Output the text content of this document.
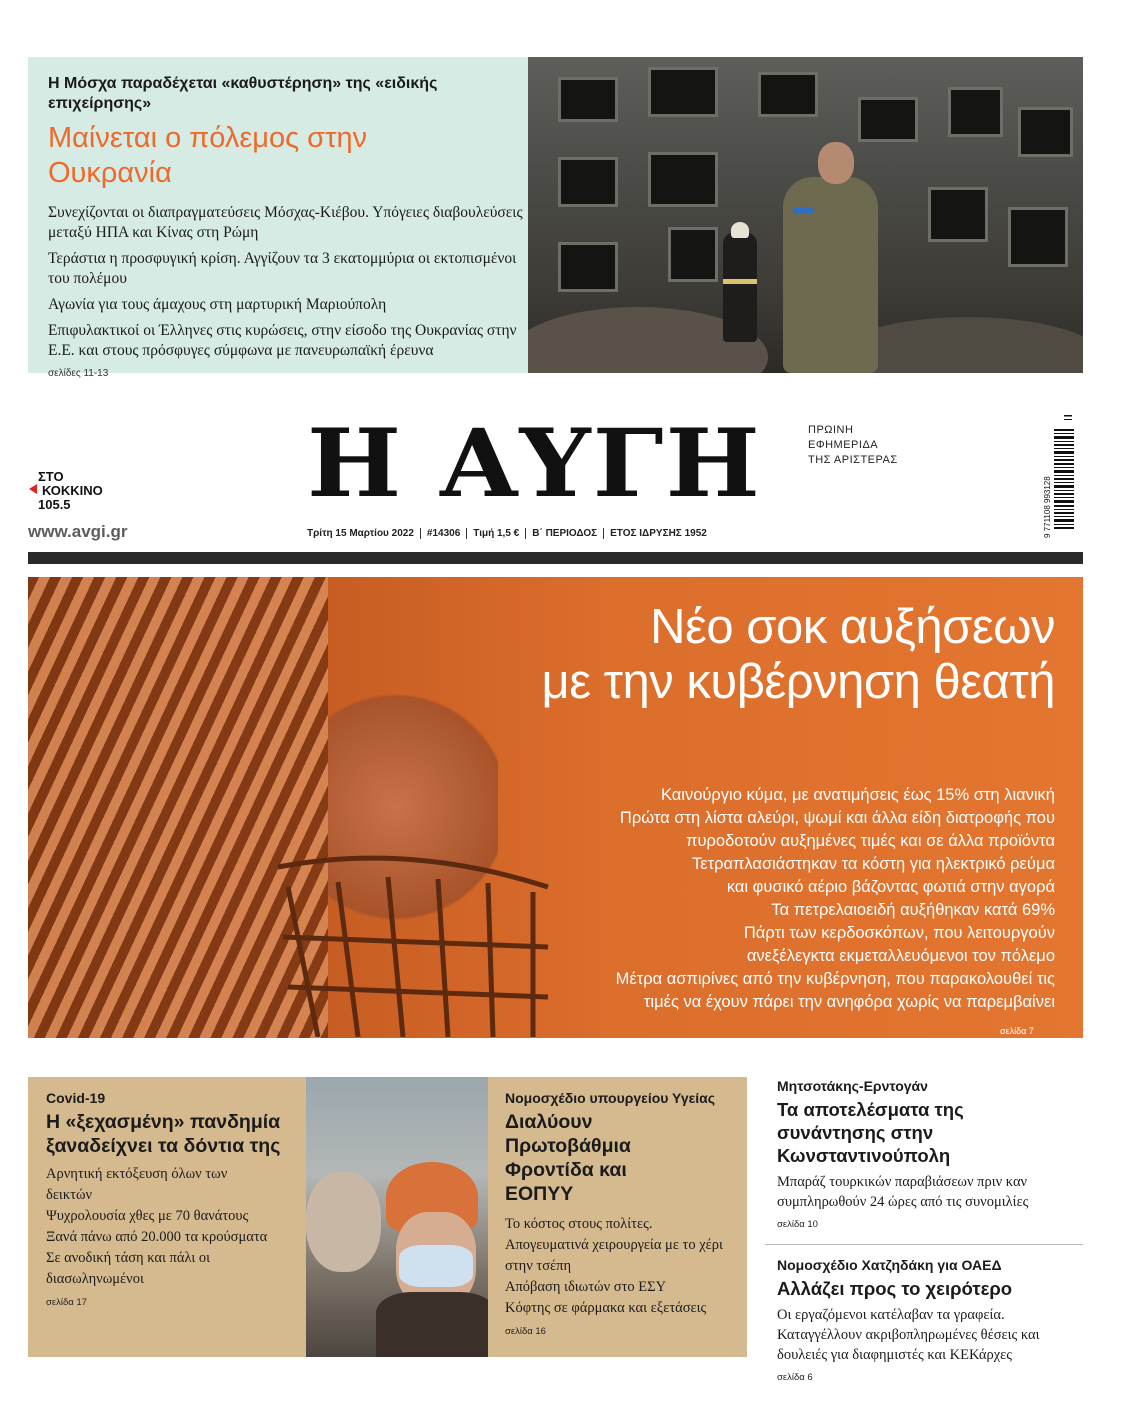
Η Μόσχα παραδέχεται «καθυστέρηση» της «ειδικής επιχείρησης»
Μαίνεται ο πόλεμος στην Ουκρανία
Συνεχίζονται οι διαπραγματεύσεις Μόσχας-Κιέβου. Υπόγειες διαβουλεύσεις μεταξύ ΗΠΑ και Κίνας στη Ρώμη
Τεράστια η προσφυγική κρίση. Αγγίζουν τα 3 εκατομμύρια οι εκτοπισμένοι του πολέμου
Αγωνία για τους άμαχους στη μαρτυρική Μαριούπολη
Επιφυλακτικοί οι Έλληνες στις κυρώσεις, στην είσοδο της Ουκρανίας στην Ε.Ε. και στους πρόσφυγες σύμφωνα με πανευρωπαϊκή έρευνα
σελίδες 11-13
Η ΑΥΓΗ	ΠΡΩΙΝΗ
ΕΦΗΜΕΡΙΔΑ
ΤΗΣ ΑΡΙΣΤΕΡΑΣ
ΣΤΟ
ΚΟΚΚΙΝΟ
105.5
www.avgi.gr	Τρίτη 15 Μαρτίου 2022	#14306	Τιμή 1,5 €	Β΄ ΠΕΡΙΟΔΟΣ	ΕΤΟΣ ΙΔΡΥΣΗΣ 1952	9 771108 993128
Νέο σοκ αυξήσεων
με την κυβέρνηση θεατή
Καινούργιο κύμα, με ανατιμήσεις έως 15% στη λιανική
Πρώτα στη λίστα αλεύρι, ψωμί και άλλα είδη διατροφής που
πυροδοτούν αυξημένες τιμές και σε άλλα προϊόντα
Τετραπλασιάστηκαν τα κόστη για ηλεκτρικό ρεύμα
και φυσικό αέριο βάζοντας φωτιά στην αγορά
Τα πετρελαιοειδή αυξήθηκαν κατά 69%
Πάρτι των κερδοσκόπων, που λειτουργούν
ανεξέλεγκτα εκμεταλλευόμενοι τον πόλεμο
Μέτρα ασπιρίνες από την κυβέρνηση, που παρακολουθεί τις
τιμές να έχουν πάρει την ανηφόρα χωρίς να παρεμβαίνει
σελίδα 7
Covid-19
Η «ξεχασμένη» πανδημία ξαναδείχνει τα δόντια της
Αρνητική εκτόξευση όλων των δεικτών
Ψυχρολουσία χθες με 70 θανάτους
Ξανά πάνω από 20.000 τα κρούσματα
Σε ανοδική τάση και πάλι οι διασωληνωμένοι
σελίδα 17
Νομοσχέδιο υπουργείου Υγείας
Διαλύουν Πρωτοβάθμια Φροντίδα και ΕΟΠΥΥ
Το κόστος στους πολίτες. Απογευματινά χειρουργεία με το χέρι στην τσέπη
Απόβαση ιδιωτών στο ΕΣΥ
Κόφτης σε φάρμακα και εξετάσεις
σελίδα 16
Μητσοτάκης-Ερντογάν
Τα αποτελέσματα της συνάντησης στην Κωνσταντινούπολη
Μπαράζ τουρκικών παραβιάσεων πριν καν συμπληρωθούν 24 ώρες από τις συνομιλίες
σελίδα 10
Νομοσχέδιο Χατζηδάκη για ΟΑΕΔ
Αλλάζει προς το χειρότερο
Οι εργαζόμενοι κατέλαβαν τα γραφεία. Καταγγέλλουν ακριβοπληρωμένες θέσεις και δουλειές για διαφημιστές και ΚΕΚάρχες
σελίδα 6
